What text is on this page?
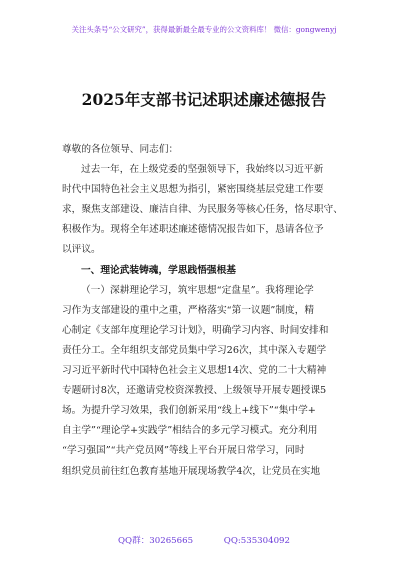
关注头条号“公文研究”，获得最新最全最专业的公文资料库！ 微信：gongwenyj
2025年支部书记述职述廉述德报告
尊敬的各位领导、同志们：
过去一年，在上级党委的坚强领导下，我始终以习近平新
时代中国特色社会主义思想为指引，紧密围绕基层党建工作要
求，聚焦支部建设、廉洁自律、为民服务等核心任务，恪尽职守、
积极作为。现将全年述职述廉述德情况报告如下，恳请各位予
以评议。
一、理论武装铸魂，学思践悟强根基
（一）深耕理论学习，筑牢思想“定盘星”。我将理论学
习作为支部建设的重中之重，严格落实“第一议题”制度，精
心制定《支部年度理论学习计划》，明确学习内容、时间安排和
责任分工。全年组织支部党员集中学习26次，其中深入专题学
习习近平新时代中国特色社会主义思想14次、党的二十大精神
专题研讨8次，还邀请党校资深教授、上级领导开展专题授课5
场。为提升学习效果，我们创新采用“线上+线下”“集中学+
自主学”“理论学+实践学”相结合的多元学习模式。充分利用
“学习强国”“共产党员网”等线上平台开展日常学习，同时
组织党员前往红色教育基地开展现场教学4次，让党员在实地
QQ群：30265665	QQ:535304092
